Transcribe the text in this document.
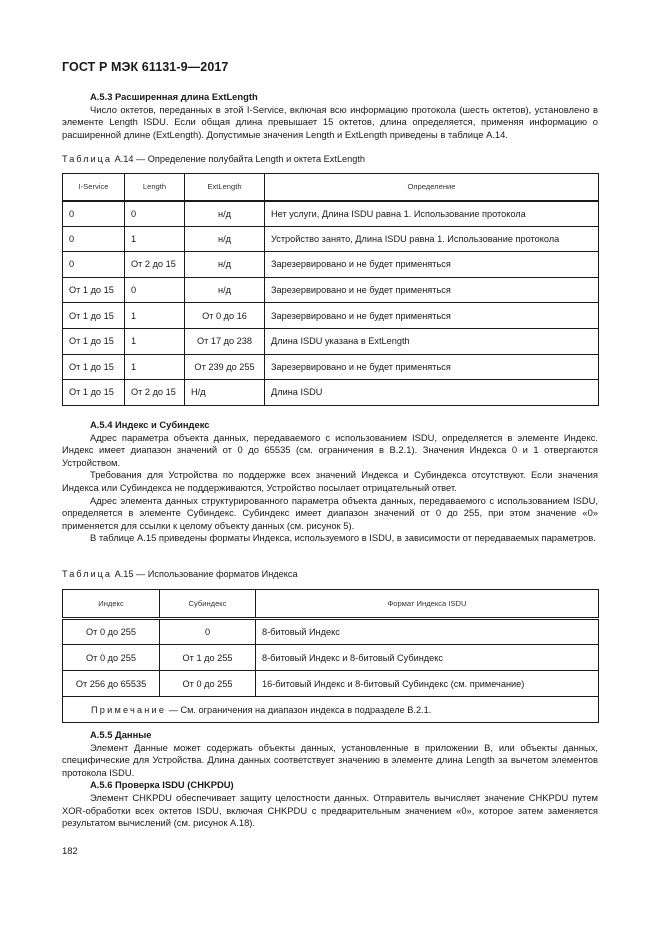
ГОСТ Р МЭК 61131-9—2017
А.5.3 Расширенная длина ExtLength

Число октетов, переданных в этой I-Service, включая всю информацию протокола (шесть октетов), установлено в элементе Length ISDU. Если общая длина превышает 15 октетов, длина определяется, применяя информацию о расширенной длине (ExtLength). Допустимые значения Length и ExtLength приведены в таблице А.14.

Таблица А.14 — Определение полубайта Length и октета ExtLength
I-Service	Length	ExtLength	Определение
0	0	н/д	Нет услуги, Длина ISDU равна 1. Использование протокола
0	1	н/д	Устройство занято, Длина ISDU равна 1. Использование протокола
0	От 2 до 15	н/д	Зарезервировано и не будет применяться
От 1 до 15	0	н/д	Зарезервировано и не будет применяться
От 1 до 15	1	От 0 до 16	Зарезервировано и не будет применяться
От 1 до 15	1	От 17 до 238	Длина ISDU указана в ExtLength
От 1 до 15	1	От 239 до 255	Зарезервировано и не будет применяться
От 1 до 15	От 2 до 15	Н/д	Длина ISDU
А.5.4 Индекс и Субиндекс

Адрес параметра объекта данных, передаваемого с использованием ISDU, определяется в элементе Индекс. Индекс имеет диапазон значений от 0 до 65535 (см. ограничения в В.2.1). Значения Индекса 0 и 1 отвергаются Устройством.

Требования для Устройства по поддержке всех значений Индекса и Субиндекса отсутствуют. Если значения Индекса или Субиндекса не поддерживаются, Устройство посылает отрицательный ответ.

Адрес элемента данных структурированного параметра объекта данных, передаваемого с использованием ISDU, определяется в элементе Субиндекс. Субиндекс имеет диапазон значений от 0 до 255, при этом значение «0» применяется для ссылки к целому объекту данных (см. рисунок 5).

В таблице А.15 приведены форматы Индекса, используемого в ISDU, в зависимости от передаваемых параметров.

Таблица А.15 — Использование форматов Индекса
Индекс	Субиндекс	Формат Индекса ISDU
От 0 до 255	0	8-битовый Индекс
От 0 до 255	От 1 до 255	8-битовый Индекс и 8-битовый Субиндекс
От 256 до 65535	От 0 до 255	16-битовый Индекс и 8-битовый Субиндекс (см. примечание)
Примечание — См. ограничения на диапазон индекса в подразделе В.2.1.		
А.5.5 Данные

Элемент Данные может содержать объекты данных, установленные в приложении В, или объекты данных, специфические для Устройства. Длина данных соответствует значению в элементе длина Length за вычетом элементов протокола ISDU.

А.5.6 Проверка ISDU (CHKPDU)

Элемент CHKPDU обеспечивает защиту целостности данных. Отправитель вычисляет значение CHKPDU путем XOR-обработки всех октетов ISDU, включая CHKPDU с предварительным значением «0», которое затем заменяется результатом вычислений (см. рисунок А.18).

182
